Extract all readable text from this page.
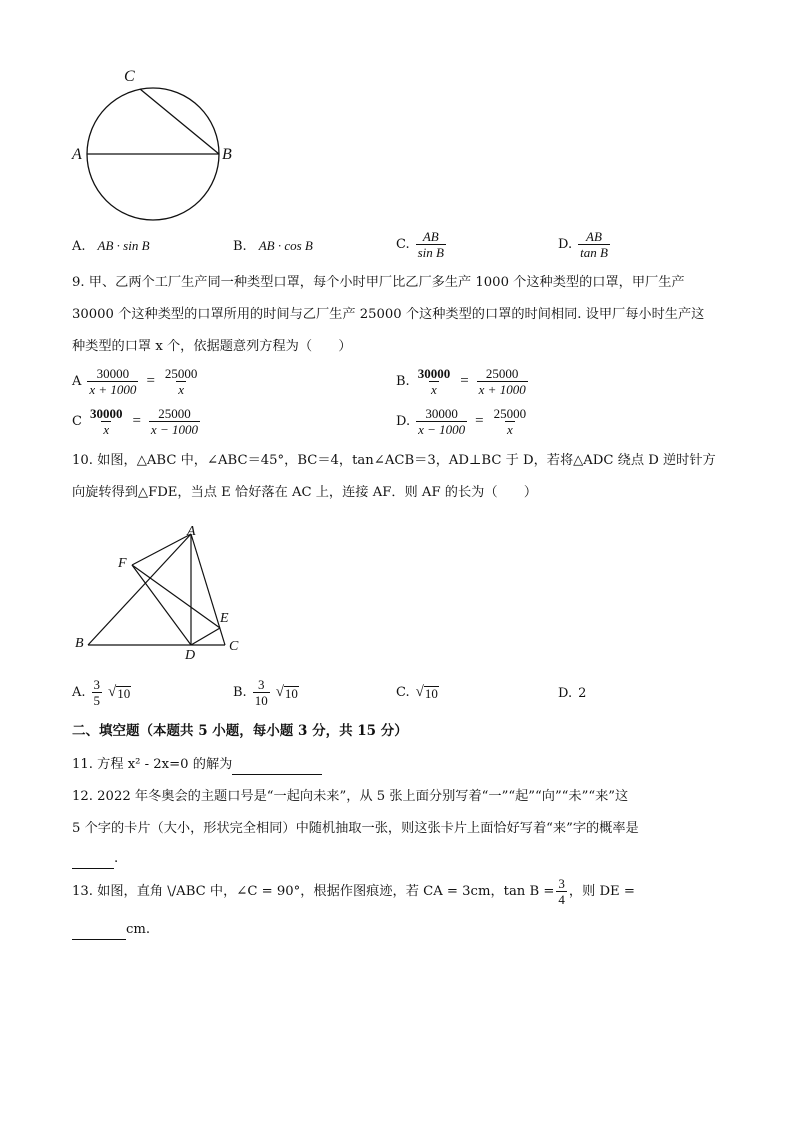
C
A	B
A. AB · sin B	B. AB · cos B	C. $\frac{AB}{\text{sin B}}$	D. $\frac{AB}{\text{tan B}}$
9. 甲、乙两个工厂生产同一种类型口罩，每个小时甲厂比乙厂多生产 1000 个这种类型的口罩，甲厂生产
30000 个这种类型的口罩所用的时间与乙厂生产 25000 个这种类型的口罩的时间相同. 设甲厂每小时生产这
种类型的口罩 x 个，依据题意列方程为（　　）
A $\frac{30000}{x + 1000} = \frac{25000}{x}$	B. $\frac{30000}{x} = \frac{25000}{x + 1000}$
C $\frac{30000}{x} = \frac{25000}{x - 1000}$	D. $\frac{30000}{x - 1000} = \frac{25000}{x}$
10. 如图，△ABC 中，∠ABC＝45°，BC＝4，tan∠ACB＝3，AD⊥BC 于 D，若将△ADC 绕点 D 逆时针方
向旋转得到△FDE，当点 E 恰好落在 AC 上，连接 AF．则 AF 的长为（　　）
A
F
E
B
D
C
A. $\frac{3}{5}$ √ 10	B. $\frac{3}{10}$ √ 10	C. √ 10	D. 2
二、填空题（本题共 5 小题，每小题 3 分，共 15 分）
11. 方程 x² - 2x=0 的解为
12. 2022 年冬奥会的主题口号是“一起向未来”，从 5 张上面分别写着“一”“起”“向”“未”“来”这
5 个字的卡片（大小，形状完全相同）中随机抽取一张，则这张卡片上面恰好写着“来”字的概率是
.
13. 如图，直角 \/ABC 中，∠C = 90°，根据作图痕迹，若 CA = 3cm，$\tan B = \frac{3}{4}$ ，则 DE =
cm.
